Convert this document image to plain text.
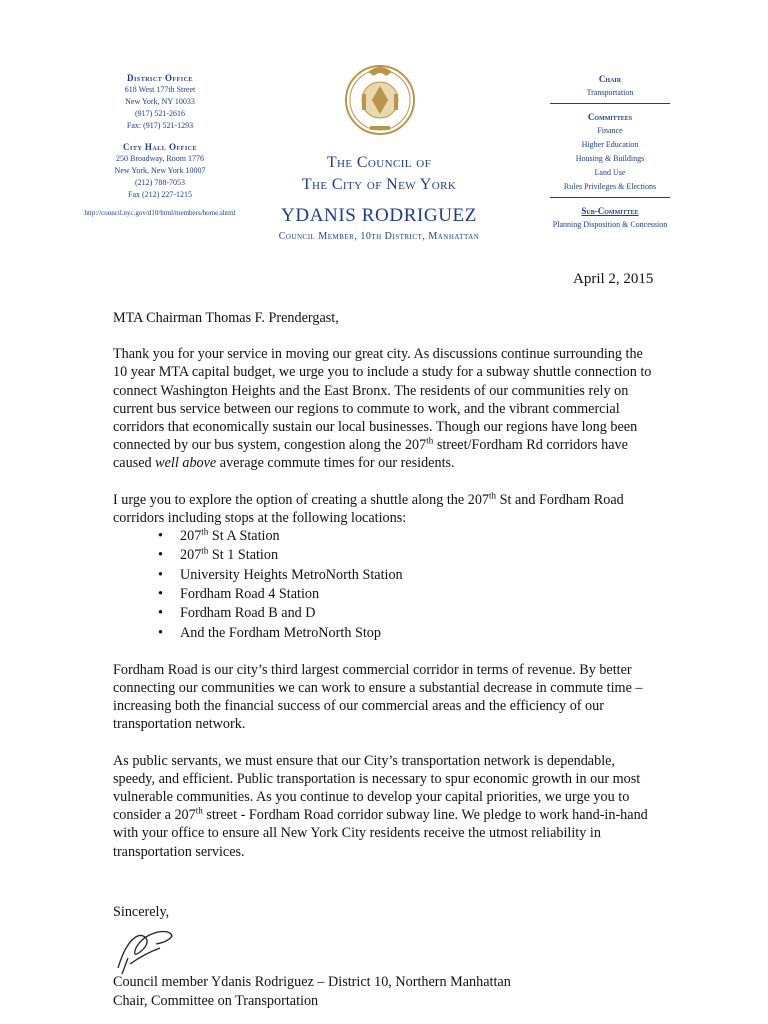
District Office
618 West 177th Street
New York, NY 10033
(917) 521-2616
Fax: (917) 521-1293
City Hall Office
250 Broadway, Room 1776
New York, New York 10007
(212) 788-7053
Fax (212) 227-1215
http://council.nyc.gov/d10/html/members/home.shtml
The Council of
The City of New York
YDANIS RODRIGUEZ
Council Member, 10th District, Manhattan
Chair
Transportation
Committees
Finance
Higher Education
Housing & Buildings
Land Use
Rules Privileges & Elections
Sub-Committee
Planning Disposition & Concession
April 2, 2015

MTA Chairman Thomas F. Prendergast,

Thank you for your service in moving our great city. As discussions continue surrounding the 10 year MTA capital budget, we urge you to include a study for a subway shuttle connection to connect Washington Heights and the East Bronx. The residents of our communities rely on current bus service between our regions to commute to work, and the vibrant commercial corridors that economically sustain our local businesses. Though our regions have long been connected by our bus system, congestion along the 207th street/Fordham Rd corridors have caused well above average commute times for our residents.

I urge you to explore the option of creating a shuttle along the 207th St and Fordham Road corridors including stops at the following locations:

• 207th St A Station
• 207th St 1 Station
• University Heights MetroNorth Station
• Fordham Road 4 Station
• Fordham Road B and D
• And the Fordham MetroNorth Stop

Fordham Road is our city’s third largest commercial corridor in terms of revenue. By better connecting our communities we can work to ensure a substantial decrease in commute time – increasing both the financial success of our commercial areas and the efficiency of our transportation network.

As public servants, we must ensure that our City’s transportation network is dependable, speedy, and efficient. Public transportation is necessary to spur economic growth in our most vulnerable communities. As you continue to develop your capital priorities, we urge you to consider a 207th street - Fordham Road corridor subway line. We pledge to work hand-in-hand with your office to ensure all New York City residents receive the utmost reliability in transportation services.

Sincerely,
Council member Ydanis Rodriguez – District 10, Northern Manhattan
Chair, Committee on Transportation
